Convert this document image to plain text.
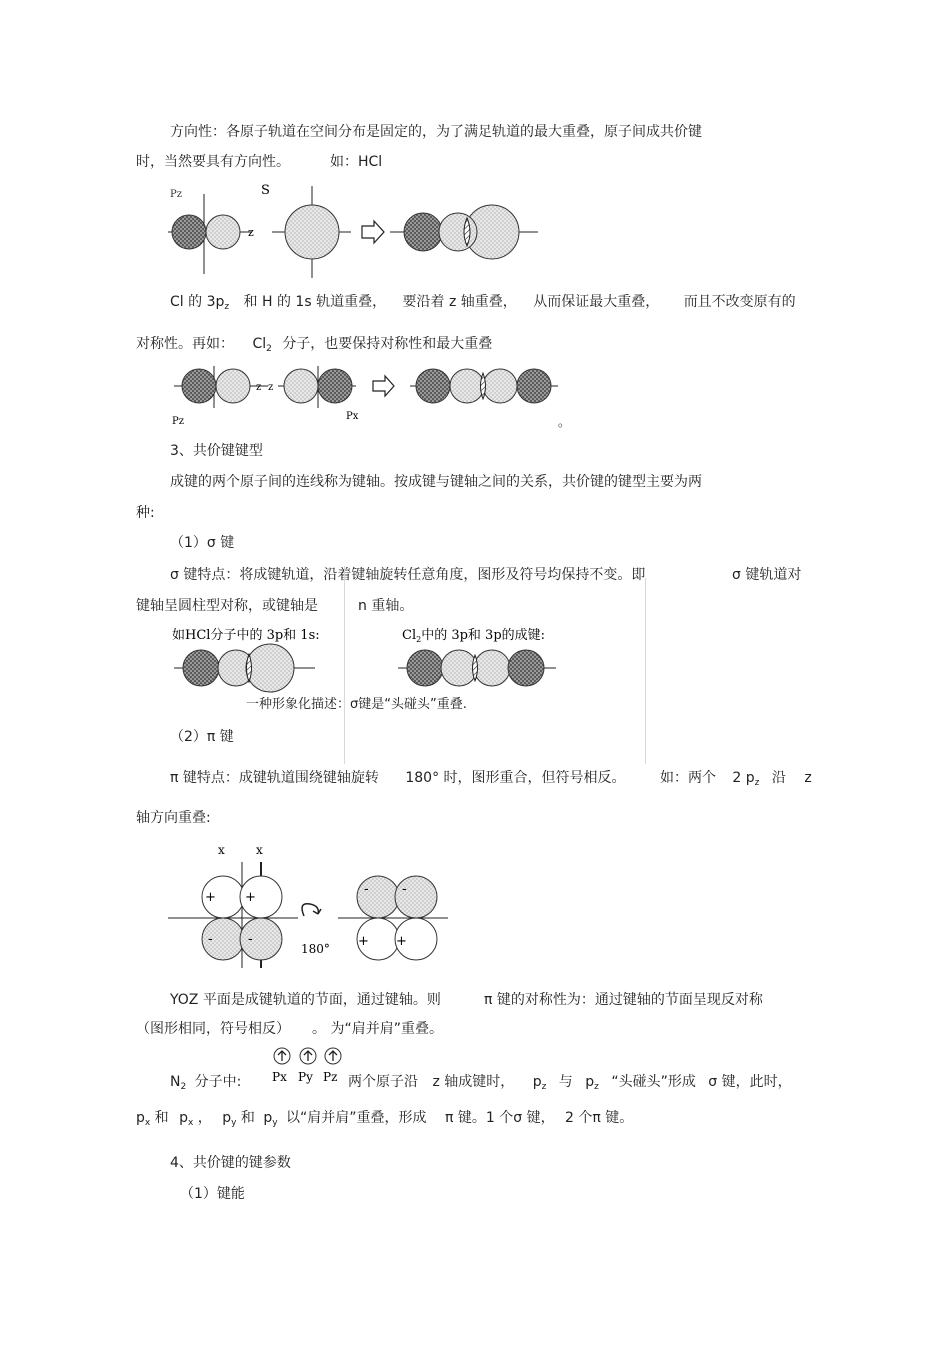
方向性：各原子轨道在空间分布是固定的，为了满足轨道的最大重叠，原子间成共价键
时，当然要具有方向性。	如：HCl
Pz
z
S
Cl 的 $3p_z$ 和 H 的 1s 轨道重叠， 要沿着 z 轴重叠， 从而保证最大重叠， 而且不改变原有的
对称性。再如： $Cl_2$ 分子，也要保持对称性和最大重叠
z z
Pz	Px	。
3、共价键键型
成键的两个原子间的连线称为键轴。按成键与键轴之间的关系，共价键的键型主要为两
种:
（1）σ 键
σ 键特点：将成键轨道，沿着键轴旋转任意角度，图形及符号均保持不变。即	σ 键轨道对
键轴呈圆柱型对称，或键轴是	n 重轴。
如HCl分子中的 3p和 1s:	$Cl_2$中的 3p和 3p的成键:
一种形象化描述：σ键是“头碰头”重叠.
（2）π 键
π 键特点：成键轨道围绕键轴旋转 180° 时，图形重合，但符号相反。 如：两个 2 $p_z$ 沿 z
轴方向重叠:
x	x
+ +
-	-
180°
-	-
+ +
YOZ 平面是成键轨道的节面，通过键轴。则	π 键的对称性为：通过键轴的节面呈现反对称
（图形相同，符号相反） 。 为“肩并肩”重叠。
Px Py Pz
$N_2$ 分子中:	两个原子沿 z 轴成键时， $p_z$ 与 $p_z$ “头碰头”形成 σ 键，此时，
$p_x$ 和 $p_x$ ， $p_y$ 和 $p_y$ 以“肩并肩”重叠，形成 π 键。1 个σ 键， 2 个π 键。
4、共价键的键参数
（1）键能
